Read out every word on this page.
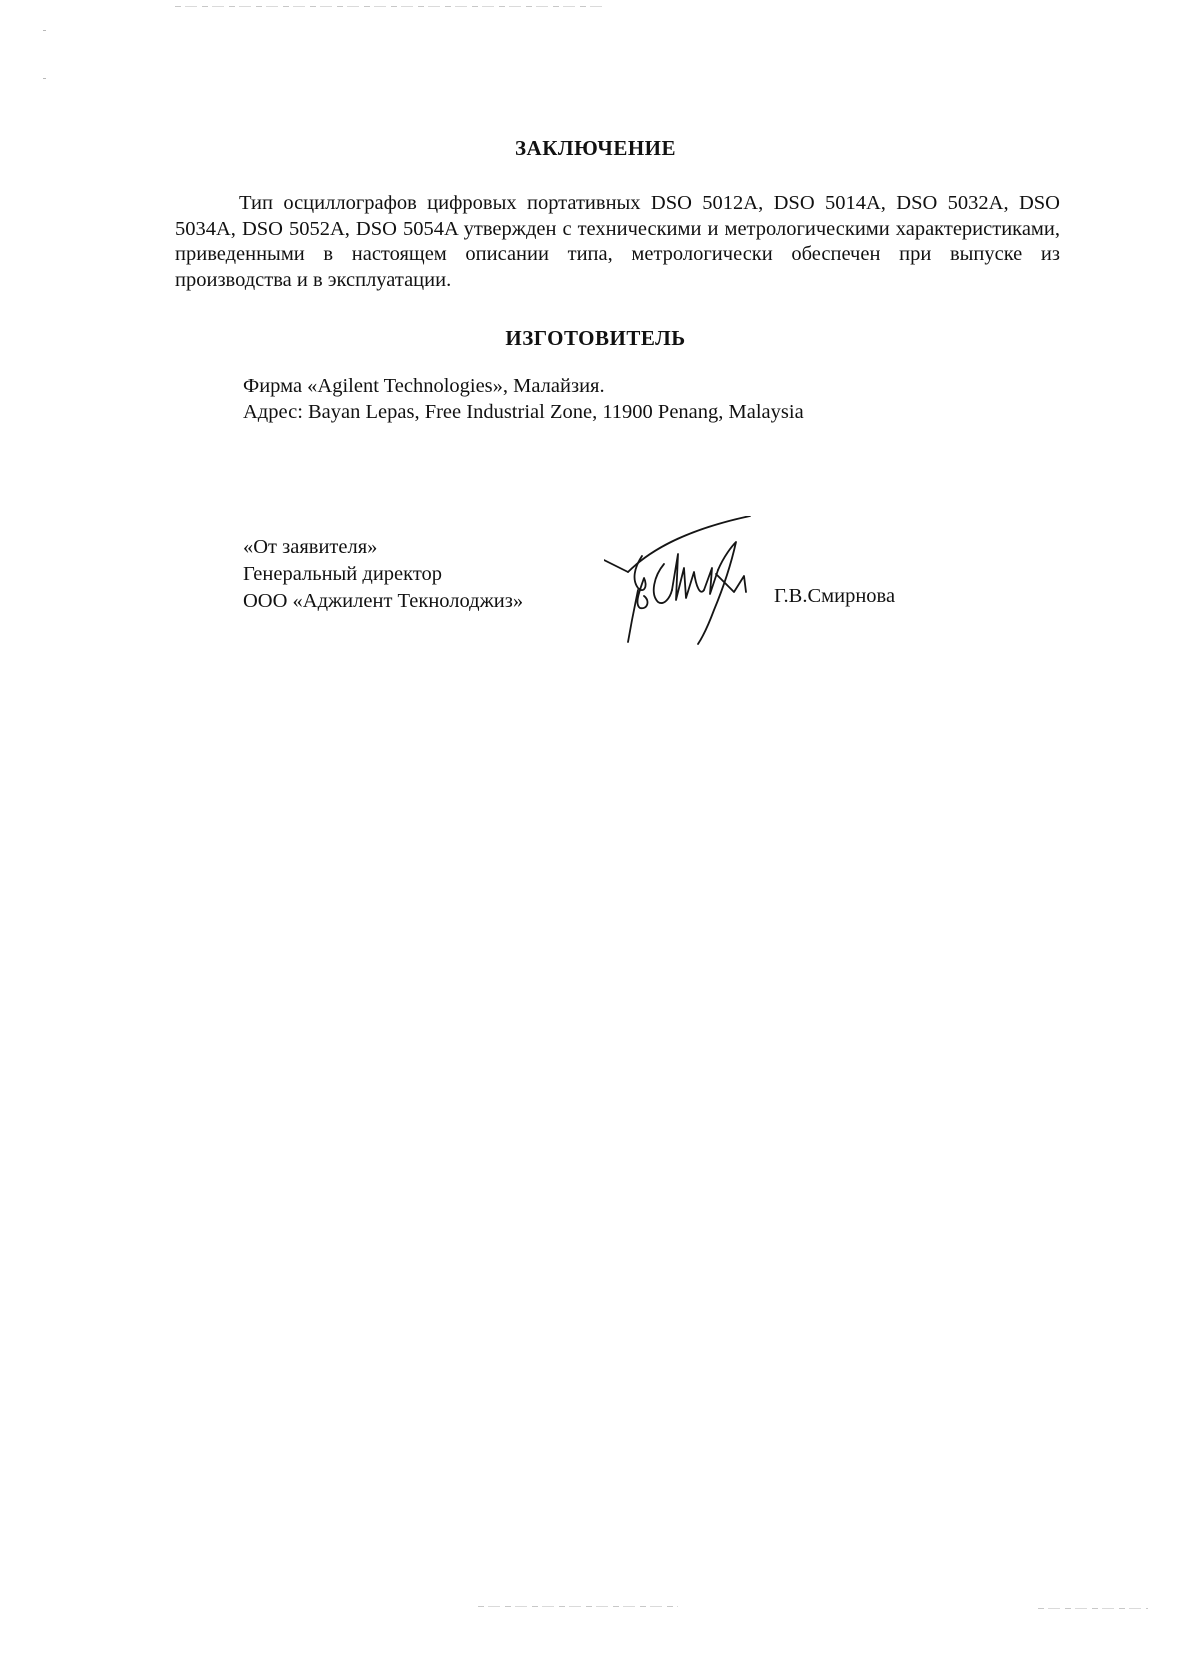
ЗАКЛЮЧЕНИЕ

Тип осциллографов цифровых портативных DSO 5012A, DSO 5014A, DSO 5032A, DSO 5034A, DSO 5052A, DSO 5054A утвержден с техническими и метрологическими характеристиками, приведенными в настоящем описании типа, метрологически обеспечен при выпуске из производства и в эксплуатации.

ИЗГОТОВИТЕЛЬ
Фирма «Agilent Technologies», Малайзия.
Адрес: Bayan Lepas, Free Industrial Zone, 11900 Penang, Malaysia
«От заявителя»
Генеральный директор
ООО «Аджилент Текнолоджиз»	Г.В.Смирнова
